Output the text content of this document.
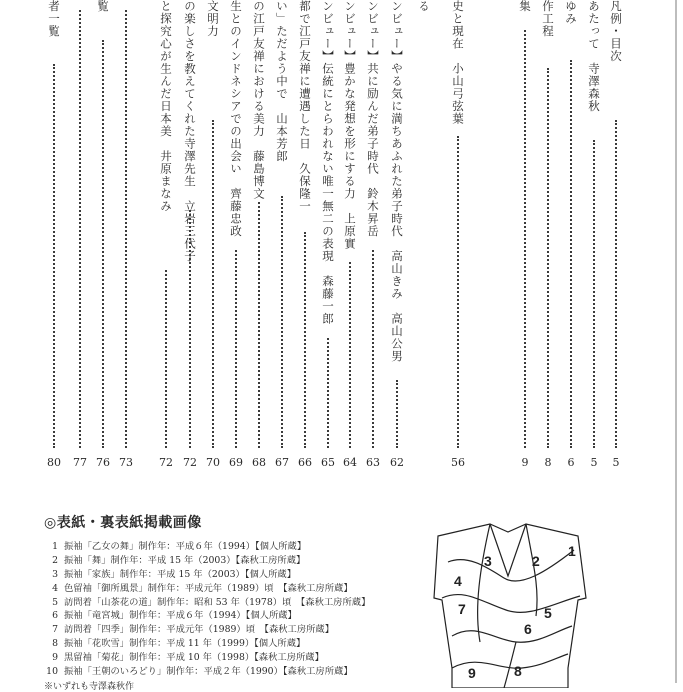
凡例・目次
5
あたって　寺澤森秋
5
ゆみ
6
作工程
8
集
9
史と現在　小山弓弦葉
56
る
ンビュー】やる気に満ちあふれた弟子時代　高山きみ　高山公男
62
ンビュー】共に励んだ弟子時代　鈴木昇岳
63
ンビュー】豊かな発想を形にする力　上原實
64
ンビュー】伝統にとらわれない唯一無二の表現　森藤一郎
65
都で江戸友禅に遭遇した日　久保隆一
66
い」ただよう中で　山本芳郎
67
の江戸友禅における美力　藤島博文
68
生とのインドネシアでの出会い　齊藤忠政
69
文明力
70
の楽しさを教えてくれた寺澤先生　立岩三代子
72
と探究心が生んだ日本美　井原まなみ
72
73
覧
76
77
者一覧
80
◎表紙・裏表紙掲載画像
1 振袖「乙女の舞」制作年：平成６年（1994）【個人所蔵】
2 振袖「舞」制作年：平成 15 年（2003）【森秋工房所蔵】
3 振袖「家族」制作年：平成 15 年（2003）【個人所蔵】
4 色留袖「御所風景」制作年：平成元年（1989）頃　【森秋工房所蔵】
5 訪問着「山茶花の道」制作年：昭和 53 年（1978）頃　【森秋工房所蔵】
6 振袖「竜宮城」制作年：平成６年（1994）【個人所蔵】
7 訪問着「四季」制作年：平成元年（1989）頃　【森秋工房所蔵】
8 振袖「花吹雪」制作年：平成 11 年（1999）【個人所蔵】
9 黒留袖「菊花」制作年：平成 10 年（1998）【森秋工房所蔵】
10 振袖「王朝のいろどり」制作年：平成２年（1990）【森秋工房所蔵】
※いずれも寺澤森秋作
1
2
3
4
5
6
7
8
9
